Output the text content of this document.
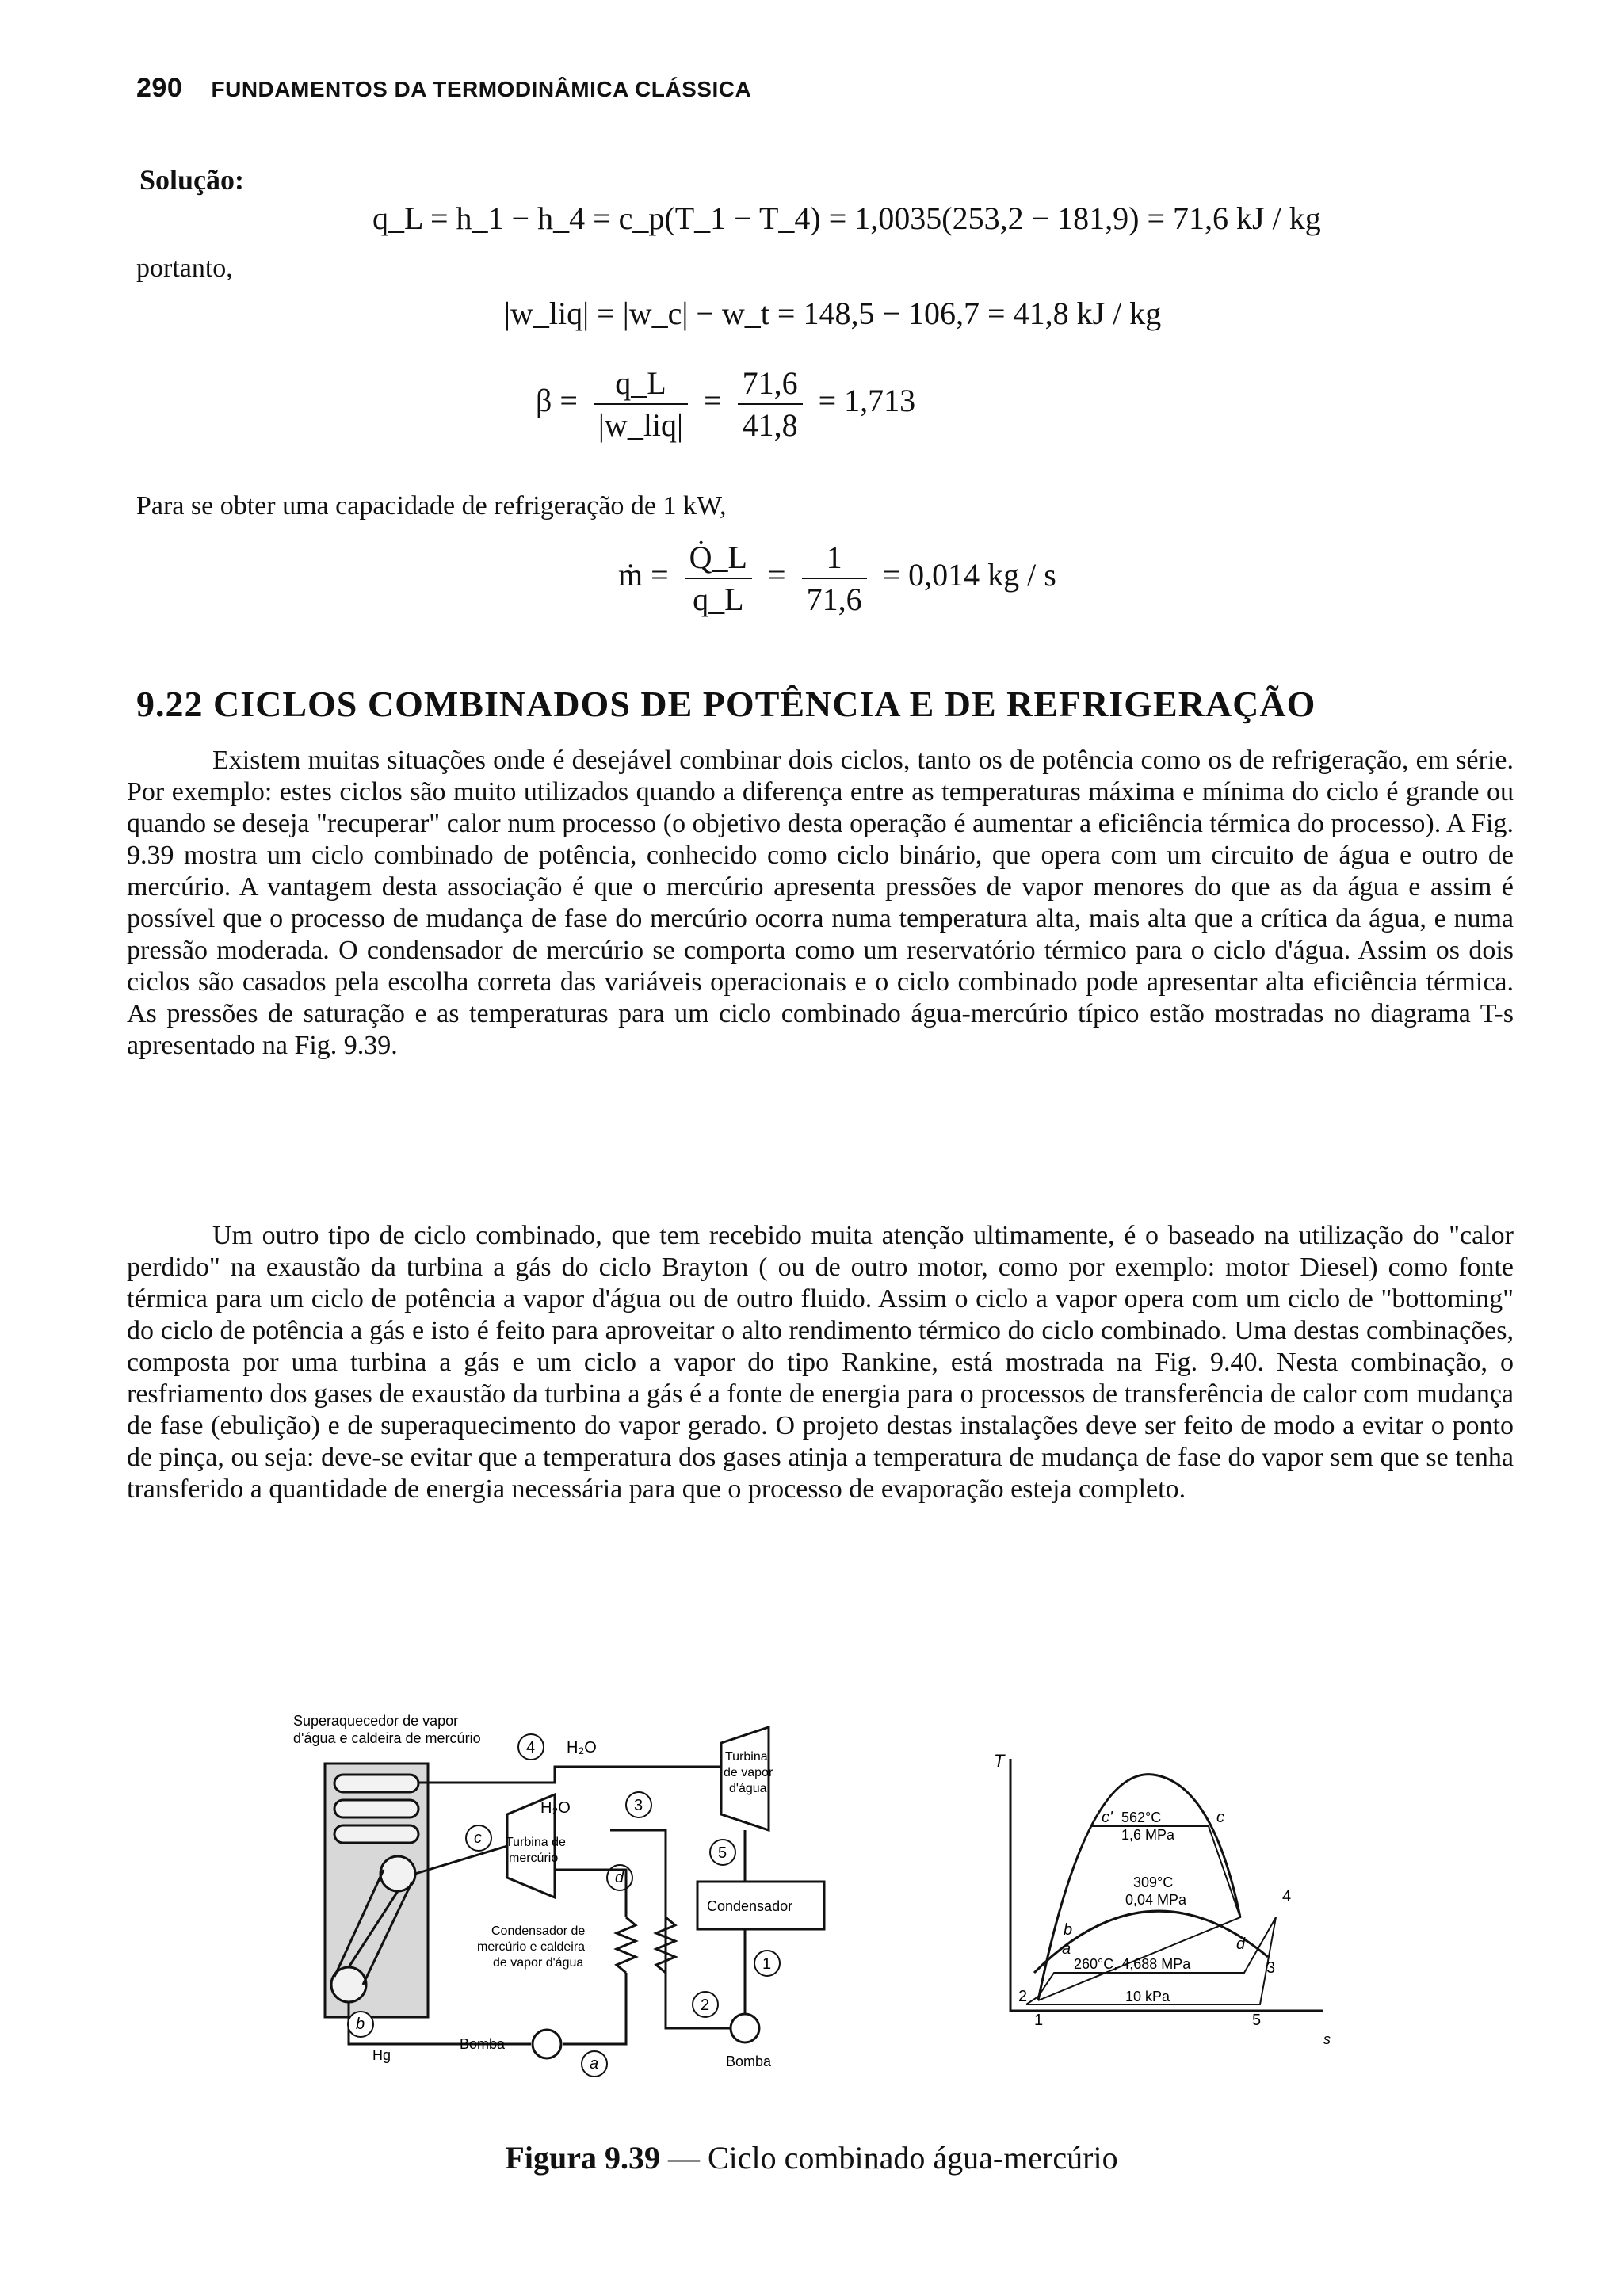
290 FUNDAMENTOS DA TERMODINÂMICA CLÁSSICA
Solução:
q_L = h_1 − h_4 = c_p(T_1 − T_4) = 1,0035(253,2 − 181,9) = 71,6 kJ / kg
portanto,
|w_liq| = |w_c| − w_t = 148,5 − 106,7 = 41,8 kJ / kg
$\beta = \frac{q\_L}{\text{|w\_liq|}} = \frac{71,6}{41,8} = 1,713$
Para se obter uma capacidade de refrigeração de 1 kW,
ṁ = $\frac{Q̇\_L}{q\_L} = \frac{1}{71,6} = 0,014$ kg / s
9.22 CICLOS COMBINADOS DE POTÊNCIA E DE REFRIGERAÇÃO

Existem muitas situações onde é desejável combinar dois ciclos, tanto os de potência como os de refrigeração, em série. Por exemplo: estes ciclos são muito utilizados quando a diferença entre as temperaturas máxima e mínima do ciclo é grande ou quando se deseja "recuperar" calor num processo (o objetivo desta operação é aumentar a eficiência térmica do processo). A Fig. 9.39 mostra um ciclo combinado de potência, conhecido como ciclo binário, que opera com um circuito de água e outro de mercúrio. A vantagem desta associação é que o mercúrio apresenta pressões de vapor menores do que as da água e assim é possível que o processo de mudança de fase do mercúrio ocorra numa temperatura alta, mais alta que a crítica da água, e numa pressão moderada. O condensador de mercúrio se comporta como um reservatório térmico para o ciclo d'água. Assim os dois ciclos são casados pela escolha correta das variáveis operacionais e o ciclo combinado pode apresentar alta eficiência térmica. As pressões de saturação e as temperaturas para um ciclo combinado água-mercúrio típico estão mostradas no diagrama T-s apresentado na Fig. 9.39.

Um outro tipo de ciclo combinado, que tem recebido muita atenção ultimamente, é o baseado na utilização do "calor perdido" na exaustão da turbina a gás do ciclo Brayton ( ou de outro motor, como por exemplo: motor Diesel) como fonte térmica para um ciclo de potência a vapor d'água ou de outro fluido. Assim o ciclo a vapor opera com um ciclo de "bottoming" do ciclo de potência a gás e isto é feito para aproveitar o alto rendimento térmico do ciclo combinado. Uma destas combinações, composta por uma turbina a gás e um ciclo a vapor do tipo Rankine, está mostrada na Fig. 9.40. Nesta combinação, o resfriamento dos gases de exaustão da turbina a gás é a fonte de energia para o processos de transferência de calor com mudança de fase (ebulição) e de superaquecimento do vapor gerado. O projeto destas instalações deve ser feito de modo a evitar o ponto de pinça, ou seja: deve-se evitar que a temperatura dos gases atinja a temperatura de mudança de fase do vapor sem que se tenha transferido a quantidade de energia necessária para que o processo de evaporação esteja completo.

Superaquecedor de vapor
d'água e caldeira de mercúrio
4 H₂O
Turbina
de vapor
d'água
5
Condensador
1
Bomba
2
Turbina de
mercúrio
H₂O
c
3
d
Condensador de
mercúrio e caldeira
de vapor d'água
Bomba
Hg
b
a
T
s
562°C
1,6 MPa
309°C
0,04 MPa
260°C, 4,688 MPa
10 kPa
2
1
3
4
5
a
b
c
c'
d
Figura 9.39 — Ciclo combinado água-mercúrio
